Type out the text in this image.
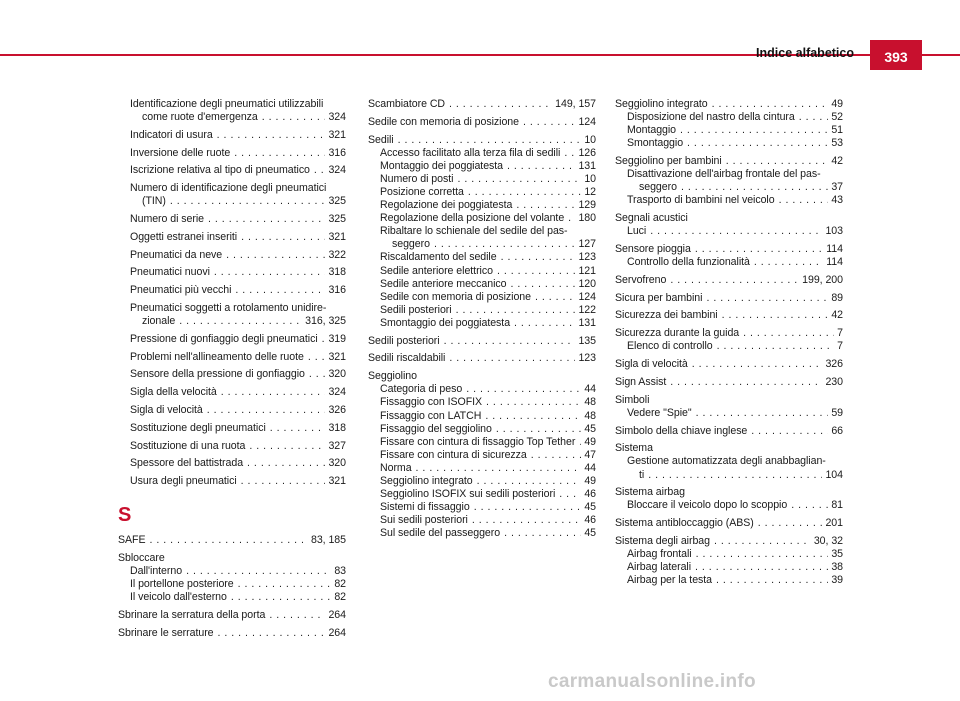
Indice alfabetico	393
Identificazione degli pneumatici utilizzabili
come ruote d'emergenza . . .	324
Indicatori di usura . . .	321
Inversione delle ruote . . .	316
Iscrizione relativa al tipo di pneumatico . . . 324
Numero di identificazione degli pneumatici
(TIN) . . .	325
Numero di serie . . .	325
Oggetti estranei inseriti . . .	321
Pneumatici da neve . . .	322
Pneumatici nuovi . . .	318
Pneumatici più vecchi . . .	316
Pneumatici soggetti a rotolamento unidire-
zionale . . .	316, 325
Pressione di gonfiaggio degli pneumatici . . . 319
Problemi nell'allineamento delle ruote . . . 321
Sensore della pressione di gonfiaggio . . . 320
Sigla della velocità . . .	324
Sigla di velocità . . .	326
Sostituzione degli pneumatici . . .	318
Sostituzione di una ruota . . .	327
Spessore del battistrada . . .	320
Usura degli pneumatici . . .	321
S
SAFE . . .	83, 185
Sbloccare
Dall'interno . . .	83
Il portellone posteriore . . .	82
Il veicolo dall'esterno . . .	82
Sbrinare la serratura della porta . . .	264
Sbrinare le serrature . . .	264
Scambiatore CD . . .	149, 157
Sedile con memoria di posizione . . .	124
Sedili . . .	10
Accesso facilitato alla terza fila di sedili . . . 126
Montaggio dei poggiatesta . . .	131
Numero di posti . . .	10
Posizione corretta . . .	12
Regolazione dei poggiatesta . . .	129
Regolazione della posizione del volante . . . 180
Ribaltare lo schienale del sedile del pas-
seggero . . .	127
Riscaldamento del sedile . . .	123
Sedile anteriore elettrico . . .	121
Sedile anteriore meccanico . . .	120
Sedile con memoria di posizione . . .	124
Sedili posteriori . . .	122
Smontaggio dei poggiatesta . . .	131
Sedili posteriori . . .	135
Sedili riscaldabili . . .	123
Seggiolino
Categoria di peso . . .	44
Fissaggio con ISOFIX . . .	48
Fissaggio con LATCH . . .	48
Fissaggio del seggiolino . . .	45
Fissare con cintura di fissaggio Top Tether . . . 49
Fissare con cintura di sicurezza . . .	47
Norma . . .	44
Seggiolino integrato . . .	49
Seggiolino ISOFIX sui sedili posteriori . . .	46
Sistemi di fissaggio . . .	45
Sui sedili posteriori . . .	46
Sul sedile del passeggero . . .	45
Seggiolino integrato . . .	49
Disposizione del nastro della cintura . . .	52
Montaggio . . .	51
Smontaggio . . .	53
Seggiolino per bambini . . .	42
Disattivazione dell'airbag frontale del pas-
seggero . . .	37
Trasporto di bambini nel veicolo . . .	43
Segnali acustici
Luci . . .	103
Sensore pioggia . . .	114
Controllo della funzionalità . . .	114
Servofreno . . .	199, 200
Sicura per bambini . . .	89
Sicurezza dei bambini . . .	42
Sicurezza durante la guida . . .	7
Elenco di controllo . . .	7
Sigla di velocità . . .	326
Sign Assist . . .	230
Simboli
Vedere "Spie" . . .	59
Simbolo della chiave inglese . . .	66
Sistema
Gestione automatizzata degli anabbaglian-
ti . . .	104
Sistema airbag
Bloccare il veicolo dopo lo scoppio . . .	81
Sistema antibloccaggio (ABS) . . .	201
Sistema degli airbag . . .	30, 32
Airbag frontali . . .	35
Airbag laterali . . .	38
Airbag per la testa . . .	39
carmanualsonline.info
